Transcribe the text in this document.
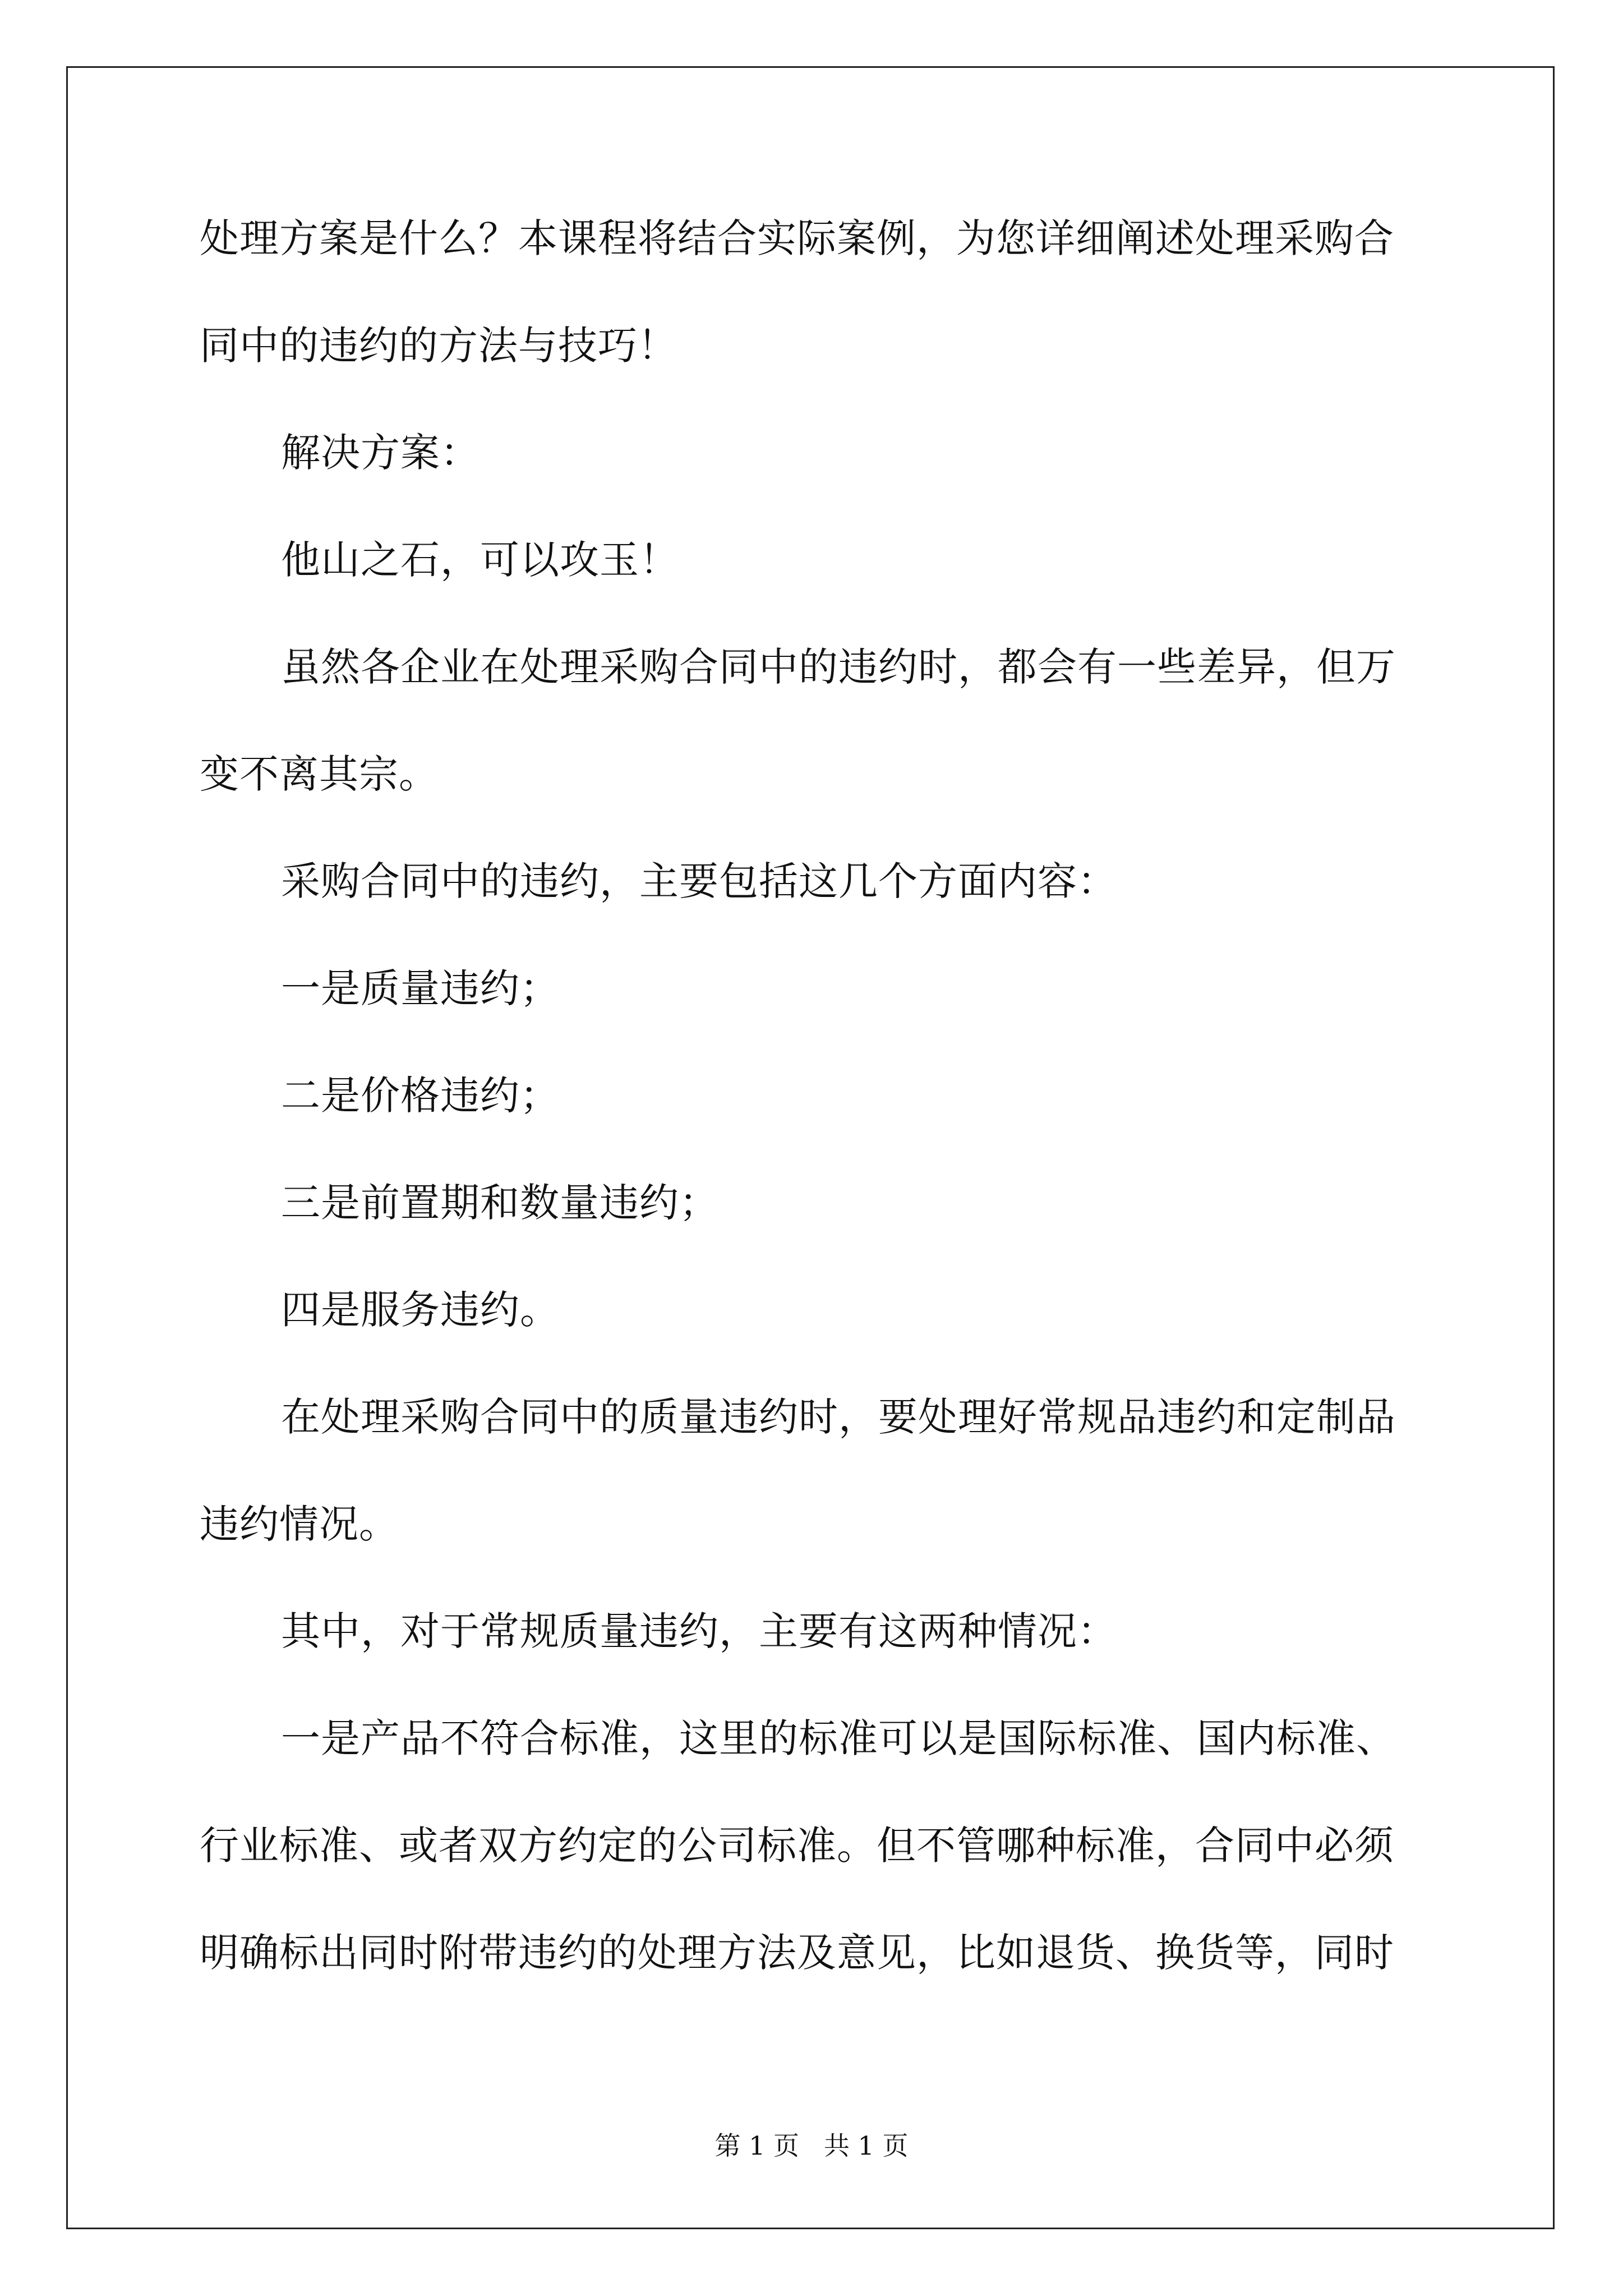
处理方案是什么？本课程将结合实际案例，为您详细阐述处理采购合
同中的违约的方法与技巧！
解决方案：
他山之石，可以攻玉！
虽然各企业在处理采购合同中的违约时，都会有一些差异，但万
变不离其宗。
采购合同中的违约，主要包括这几个方面内容：
一是质量违约；
二是价格违约；
三是前置期和数量违约；
四是服务违约。
在处理采购合同中的质量违约时，要处理好常规品违约和定制品
违约情况。
其中，对于常规质量违约，主要有这两种情况：
一是产品不符合标准，这里的标准可以是国际标准、国内标准、
行业标准、或者双方约定的公司标准。但不管哪种标准，合同中必须
明确标出同时附带违约的处理方法及意见，比如退货、换货等，同时
第 1 页 共 1 页
